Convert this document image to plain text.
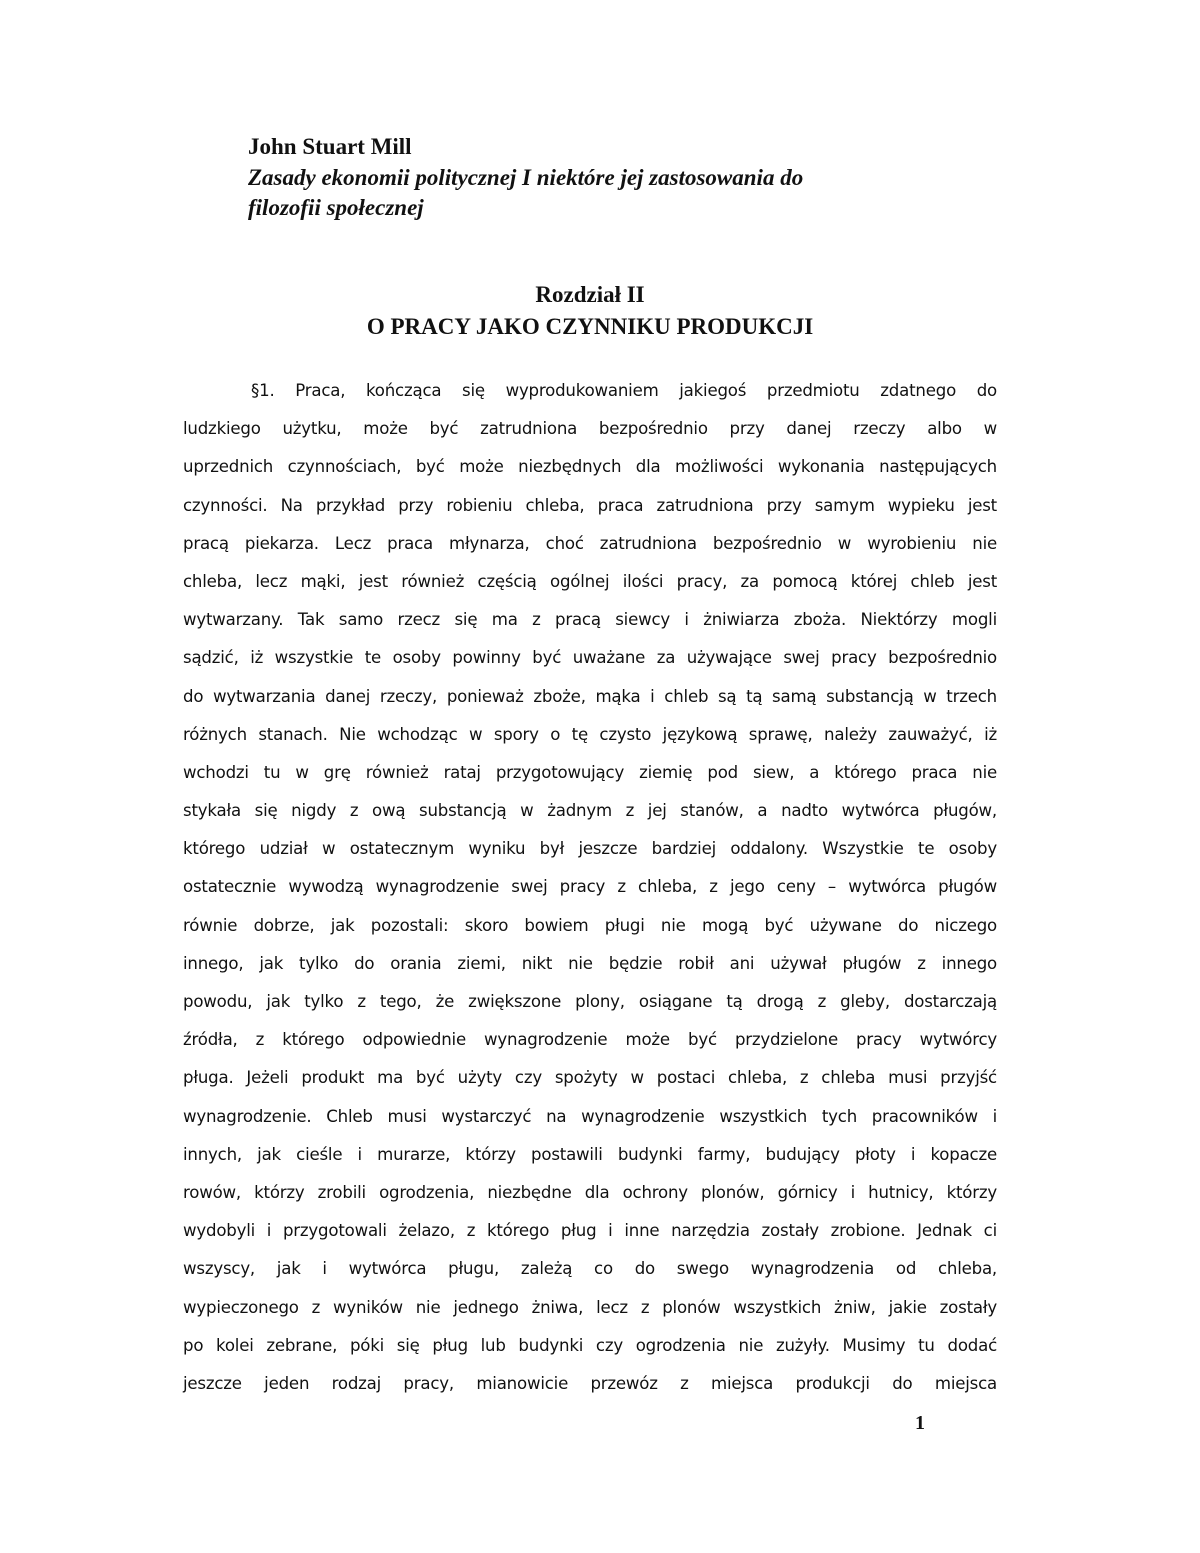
John Stuart Mill
Zasady ekonomii politycznej I niektóre jej zastosowania do
filozofii społecznej
Rozdział II
O PRACY JAKO CZYNNIKU PRODUKCJI
§1. Praca, kończąca się wyprodukowaniem jakiegoś przedmiotu zdatnego do
ludzkiego użytku, może być zatrudniona bezpośrednio przy danej rzeczy albo w
uprzednich czynnościach, być może niezbędnych dla możliwości wykonania następujących
czynności. Na przykład przy robieniu chleba, praca zatrudniona przy samym wypieku jest
pracą piekarza. Lecz praca młynarza, choć zatrudniona bezpośrednio w wyrobieniu nie
chleba, lecz mąki, jest również częścią ogólnej ilości pracy, za pomocą której chleb jest
wytwarzany. Tak samo rzecz się ma z pracą siewcy i żniwiarza zboża. Niektórzy mogli
sądzić, iż wszystkie te osoby powinny być uważane za używające swej pracy bezpośrednio
do wytwarzania danej rzeczy, ponieważ zboże, mąka i chleb są tą samą substancją w trzech
różnych stanach. Nie wchodząc w spory o tę czysto językową sprawę, należy zauważyć, iż
wchodzi tu w grę również rataj przygotowujący ziemię pod siew, a którego praca nie
stykała się nigdy z ową substancją w żadnym z jej stanów, a nadto wytwórca pługów,
którego udział w ostatecznym wyniku był jeszcze bardziej oddalony. Wszystkie te osoby
ostatecznie wywodzą wynagrodzenie swej pracy z chleba, z jego ceny – wytwórca pługów
równie dobrze, jak pozostali: skoro bowiem pługi nie mogą być używane do niczego
innego, jak tylko do orania ziemi, nikt nie będzie robił ani używał pługów z innego
powodu, jak tylko z tego, że zwiększone plony, osiągane tą drogą z gleby, dostarczają
źródła, z którego odpowiednie wynagrodzenie może być przydzielone pracy wytwórcy
pługa. Jeżeli produkt ma być użyty czy spożyty w postaci chleba, z chleba musi przyjść
wynagrodzenie. Chleb musi wystarczyć na wynagrodzenie wszystkich tych pracowników i
innych, jak cieśle i murarze, którzy postawili budynki farmy, budujący płoty i kopacze
rowów, którzy zrobili ogrodzenia, niezbędne dla ochrony plonów, górnicy i hutnicy, którzy
wydobyli i przygotowali żelazo, z którego pług i inne narzędzia zostały zrobione. Jednak ci
wszyscy, jak i wytwórca pługu, zależą co do swego wynagrodzenia od chleba,
wypieczonego z wyników nie jednego żniwa, lecz z plonów wszystkich żniw, jakie zostały
po kolei zebrane, póki się pług lub budynki czy ogrodzenia nie zużyły. Musimy tu dodać
jeszcze jeden rodzaj pracy, mianowicie przewóz z miejsca produkcji do miejsca
1
